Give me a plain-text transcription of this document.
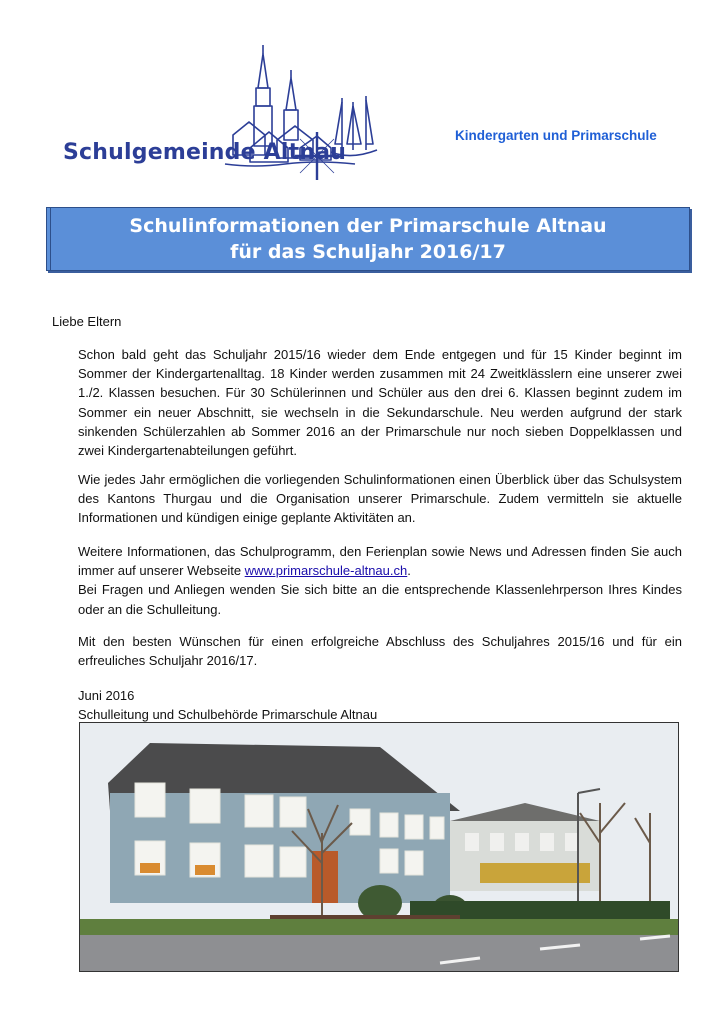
Schulgemeinde Altnau
Kindergarten und Primarschule
Schulinformationen der Primarschule Altnau
für das Schuljahr 2016/17
Liebe Eltern

Schon bald geht das Schuljahr 2015/16 wieder dem Ende entgegen und für 15 Kinder beginnt im Sommer der Kindergartenalltag. 18 Kinder werden zusammen mit 24 Zweitklässlern eine unserer zwei 1./2. Klassen besuchen. Für 30 Schülerinnen und Schüler aus den drei 6. Klassen beginnt zudem im Sommer ein neuer Abschnitt, sie wechseln in die Sekundarschule. Neu werden aufgrund der stark sinkenden Schülerzahlen ab Sommer 2016 an der Primarschule nur noch sieben Doppelklassen und zwei Kindergartenabteilungen geführt.

Wie jedes Jahr ermöglichen die vorliegenden Schulinformationen einen Überblick über das Schulsystem des Kantons Thurgau und die Organisation unserer Primarschule. Zudem vermitteln sie aktuelle Informationen und kündigen einige geplante Aktivitäten an.

Weitere Informationen, das Schulprogramm, den Ferienplan sowie News und Adressen finden Sie auch immer auf unserer Webseite www.primarschule-altnau.ch.
Bei Fragen und Anliegen wenden Sie sich bitte an die entsprechende Klassenlehrperson Ihres Kindes oder an die Schulleitung.

Mit den besten Wünschen für einen erfolgreiche Abschluss des Schuljahres 2015/16 und für ein erfreuliches Schuljahr 2016/17.

Juni 2016
Schulleitung und Schulbehörde Primarschule Altnau
